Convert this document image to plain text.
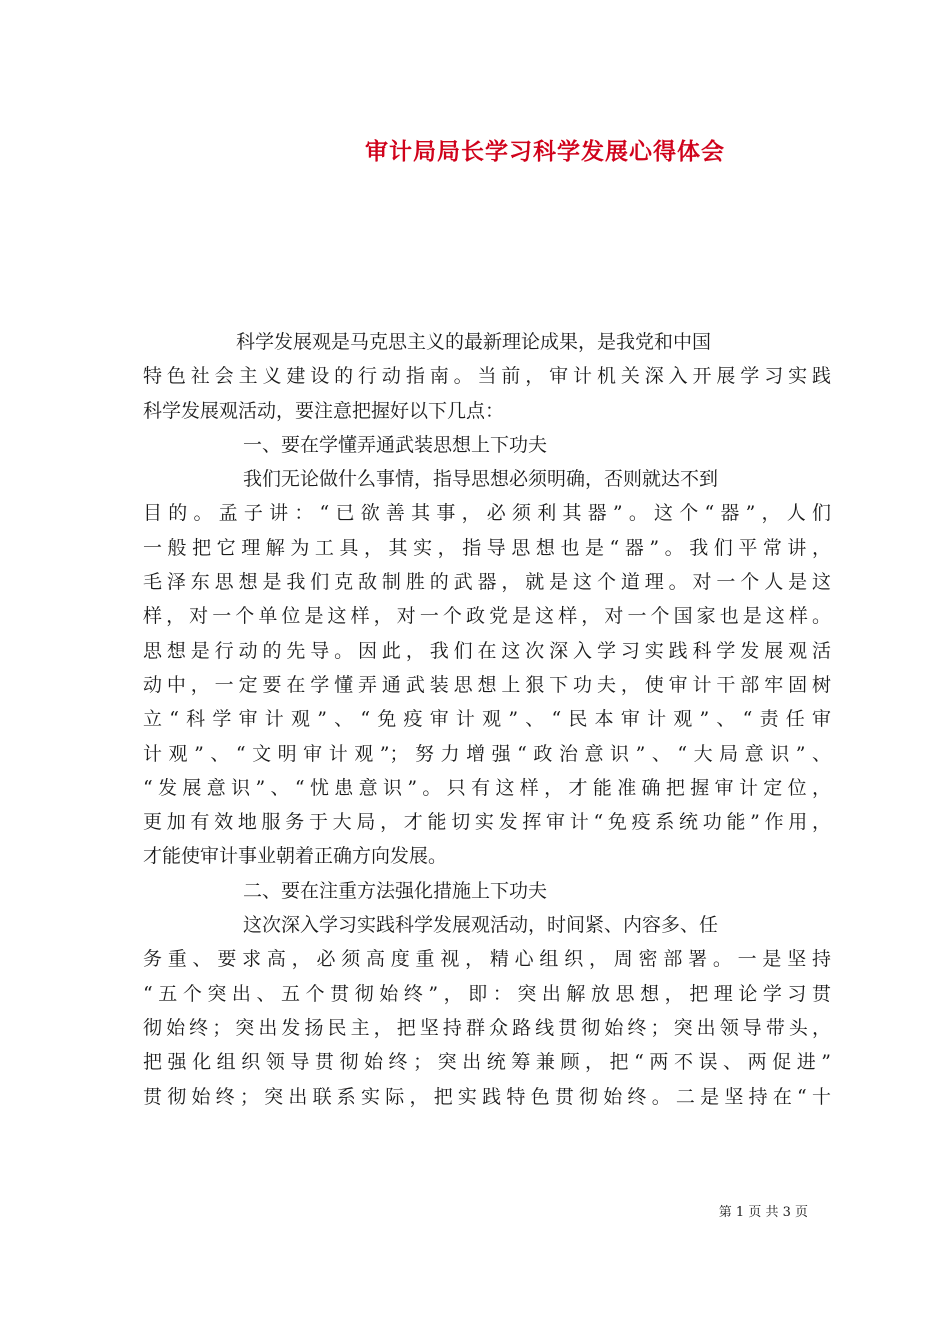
审计局局长学习科学发展心得体会
科学发展观是马克思主义的最新理论成果，是我党和中国
特色社会主义建设的行动指南。当前，审计机关深入开展学习实践
科学发展观活动，要注意把握好以下几点：
一、要在学懂弄通武装思想上下功夫
我们无论做什么事情，指导思想必须明确，否则就达不到
目的。孟子讲：“已欲善其事，必须利其器”。这个“器”，人们
一般把它理解为工具，其实，指导思想也是“器”。我们平常讲，
毛泽东思想是我们克敌制胜的武器，就是这个道理。对一个人是这
样，对一个单位是这样，对一个政党是这样，对一个国家也是这样。
思想是行动的先导。因此，我们在这次深入学习实践科学发展观活
动中，一定要在学懂弄通武装思想上狠下功夫，使审计干部牢固树
立“科学审计观”、“免疫审计观”、“民本审计观”、“责任审
计观”、“文明审计观”；努力增强“政治意识”、“大局意识”、
“发展意识”、“忧患意识”。只有这样，才能准确把握审计定位，
更加有效地服务于大局，才能切实发挥审计“免疫系统功能”作用，
才能使审计事业朝着正确方向发展。
二、要在注重方法强化措施上下功夫
这次深入学习实践科学发展观活动，时间紧、内容多、任
务重、要求高，必须高度重视，精心组织，周密部署。一是坚持
“五个突出、五个贯彻始终”，即：突出解放思想，把理论学习贯
彻始终；突出发扬民主，把坚持群众路线贯彻始终；突出领导带头，
把强化组织领导贯彻始终；突出统筹兼顾，把“两不误、两促进”
贯彻始终；突出联系实际，把实践特色贯彻始终。二是坚持在“十
第 1 页 共 3 页
